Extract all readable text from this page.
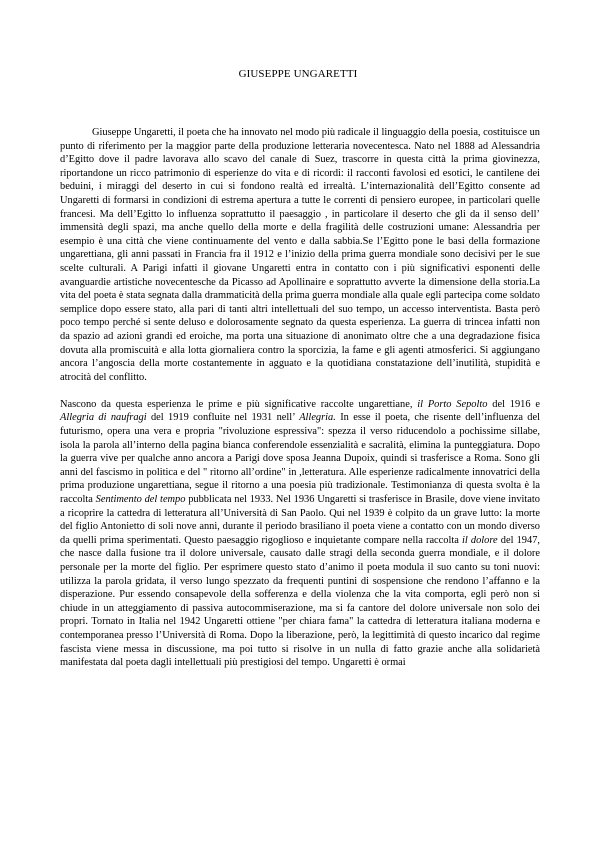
GIUSEPPE UNGARETTI

Giuseppe Ungaretti, il poeta che ha innovato nel modo più radicale il linguaggio della poesia, costituisce un punto di riferimento per la maggior parte della produzione letteraria novecentesca. Nato nel 1888 ad Alessandria d’Egitto dove il padre lavorava allo scavo del canale di Suez, trascorre in questa città la prima giovinezza, riportandone un ricco patrimonio di esperienze do vita e di ricordi: il racconti favolosi ed esotici, le cantilene dei beduini, i miraggi del deserto in cui si fondono realtà ed irrealtà. L’internazionalità dell’Egitto consente ad Ungaretti di formarsi in condizioni di estrema apertura a tutte le correnti di pensiero europee, in particolari quelle francesi. Ma dell’Egitto lo influenza soprattutto il paesaggio , in particolare il deserto che gli da il senso dell’ immensità degli spazi, ma anche quello della morte e della fragilità delle costruzioni umane: Alessandria per esempio è una città che viene continuamente del vento e dalla sabbia.Se l’Egitto pone le basi della formazione ungarettiana, gli anni passati in Francia fra il 1912 e l’inizio della prima guerra mondiale sono decisivi per le sue scelte culturali. A Parigi infatti il giovane Ungaretti entra in contatto con i più significativi esponenti delle avanguardie artistiche novecentesche da Picasso ad Apollinaire e soprattutto avverte la dimensione della storia.La vita del poeta è stata segnata dalla drammaticità della prima guerra mondiale alla quale egli partecipa come soldato semplice dopo essere stato, alla pari di tanti altri intellettuali del suo tempo, un accesso interventista. Basta però poco tempo perché si sente deluso e dolorosamente segnato da questa esperienza. La guerra di trincea infatti non da spazio ad azioni grandi ed eroiche, ma porta una situazione di anonimato oltre che a una degradazione fisica dovuta alla promiscuità e alla lotta giornaliera contro la sporcizia, la fame e gli agenti atmosferici. Si aggiungano ancora l’angoscia della morte costantemente in agguato e la quotidiana constatazione dell’inutilità, stupidità e atrocità del conflitto.

Nascono da questa esperienza le prime e più significative raccolte ungarettiane, il Porto Sepolto del 1916 e Allegria di naufragi del 1919 confluite nel 1931 nell’ Allegria. In esse il poeta, che risente dell’influenza del futurismo, opera una vera e propria "rivoluzione espressiva": spezza il verso riducendolo a pochissime sillabe, isola la parola all’interno della pagina bianca conferendole essenzialità e sacralità, elimina la punteggiatura. Dopo la guerra vive per qualche anno ancora a Parigi dove sposa Jeanna Dupoix, quindi si trasferisce a Roma. Sono gli anni del fascismo in politica e del " ritorno all’ordine" in ,letteratura. Alle esperienze radicalmente innovatrici della prima produzione ungarettiana, segue il ritorno a una poesia più tradizionale. Testimonianza di questa svolta è la raccolta Sentimento del tempo pubblicata nel 1933. Nel 1936 Ungaretti si trasferisce in Brasile, dove viene invitato a ricoprire la cattedra di letteratura all’Università di San Paolo. Qui nel 1939 è colpito da un grave lutto: la morte del figlio Antonietto di soli nove anni, durante il periodo brasiliano il poeta viene a contatto con un mondo diverso da quelli prima sperimentati. Questo paesaggio rigoglioso e inquietante compare nella raccolta il dolore del 1947, che nasce dalla fusione tra il dolore universale, causato dalle stragi della seconda guerra mondiale, e il dolore personale per la morte del figlio. Per esprimere questo stato d’animo il poeta modula il suo canto su toni nuovi: utilizza la parola gridata, il verso lungo spezzato da frequenti puntini di sospensione che rendono l’affanno e la disperazione. Pur essendo consapevole della sofferenza e della violenza che la vita comporta, egli però non si chiude in un atteggiamento di passiva autocommiserazione, ma si fa cantore del dolore universale non solo dei propri. Tornato in Italia nel 1942 Ungaretti ottiene "per chiara fama" la cattedra di letteratura italiana moderna e contemporanea presso l’Università di Roma. Dopo la liberazione, però, la legittimità di questo incarico dal regime fascista viene messa in discussione, ma poi tutto si risolve in un nulla di fatto grazie anche alla solidarietà manifestata dal poeta dagli intellettuali più prestigiosi del tempo. Ungaretti è ormai
